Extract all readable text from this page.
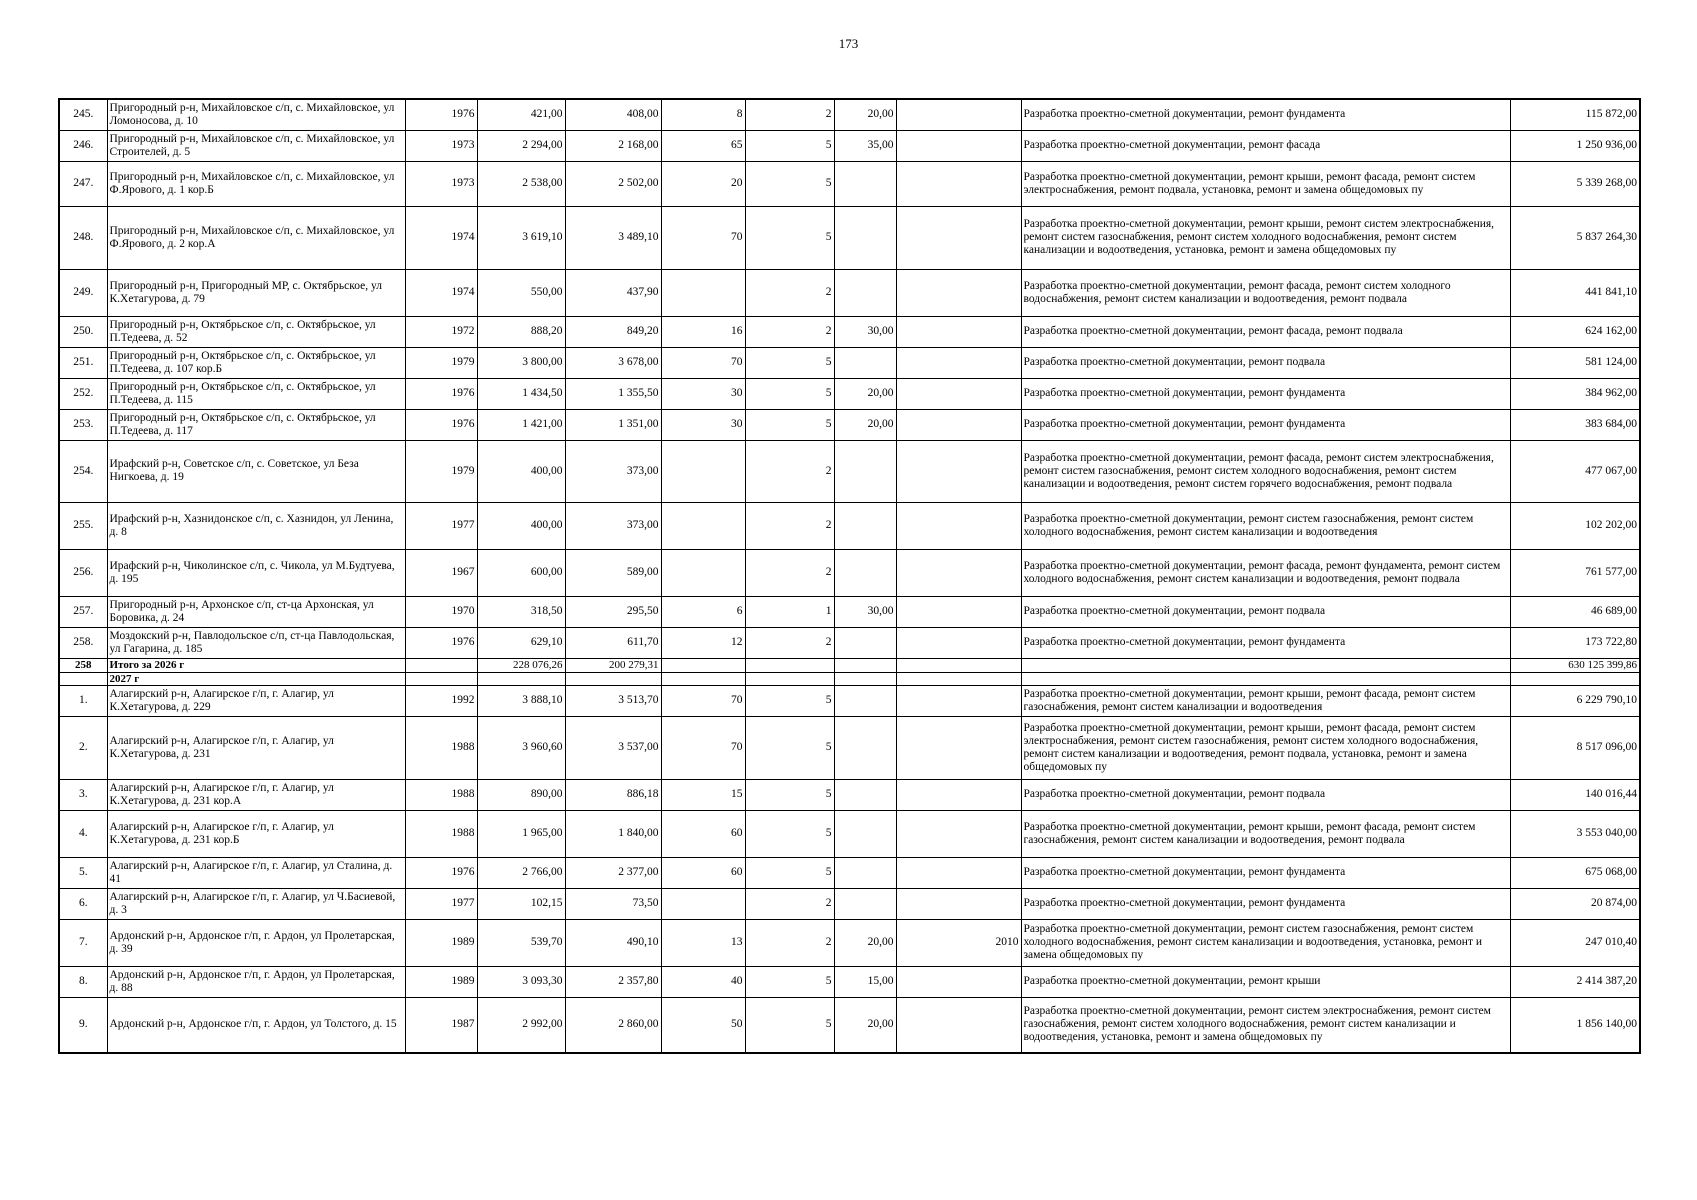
173
245.	Пригородный р-н, Михайловское с/п, с. Михайловское, ул Ломоносова, д. 10	1976	421,00	408,00	8	2	20,00		Разработка проектно-сметной документации, ремонт фундамента	115 872,00
246.	Пригородный р-н, Михайловское с/п, с. Михайловское, ул Строителей, д. 5	1973	2 294,00	2 168,00	65	5	35,00		Разработка проектно-сметной документации, ремонт фасада	1 250 936,00
247.	Пригородный р-н, Михайловское с/п, с. Михайловское, ул Ф.Ярового, д. 1 кор.Б	1973	2 538,00	2 502,00	20	5			Разработка проектно-сметной документации, ремонт крыши, ремонт фасада, ремонт систем электроснабжения, ремонт подвала, установка, ремонт и замена общедомовых пу	5 339 268,00
248.	Пригородный р-н, Михайловское с/п, с. Михайловское, ул Ф.Ярового, д. 2 кор.А	1974	3 619,10	3 489,10	70	5			Разработка проектно-сметной документации, ремонт крыши, ремонт систем электроснабжения, ремонт систем газоснабжения, ремонт систем холодного водоснабжения, ремонт систем канализации и водоотведения, установка, ремонт и замена общедомовых пу	5 837 264,30
249.	Пригородный р-н, Пригородный МР, с. Октябрьское, ул К.Хетагурова, д. 79	1974	550,00	437,90		2			Разработка проектно-сметной документации, ремонт фасада, ремонт систем холодного водоснабжения, ремонт систем канализации и водоотведения, ремонт подвала	441 841,10
250.	Пригородный р-н, Октябрьское с/п, с. Октябрьское, ул П.Тедеева, д. 52	1972	888,20	849,20	16	2	30,00		Разработка проектно-сметной документации, ремонт фасада, ремонт подвала	624 162,00
251.	Пригородный р-н, Октябрьское с/п, с. Октябрьское, ул П.Тедеева, д. 107 кор.Б	1979	3 800,00	3 678,00	70	5			Разработка проектно-сметной документации, ремонт подвала	581 124,00
252.	Пригородный р-н, Октябрьское с/п, с. Октябрьское, ул П.Тедеева, д. 115	1976	1 434,50	1 355,50	30	5	20,00		Разработка проектно-сметной документации, ремонт фундамента	384 962,00
253.	Пригородный р-н, Октябрьское с/п, с. Октябрьское, ул П.Тедеева, д. 117	1976	1 421,00	1 351,00	30	5	20,00		Разработка проектно-сметной документации, ремонт фундамента	383 684,00
254.	Ирафский р-н, Советское с/п, с. Советское, ул Беза Нигкоева, д. 19	1979	400,00	373,00		2			Разработка проектно-сметной документации, ремонт фасада, ремонт систем электроснабжения, ремонт систем газоснабжения, ремонт систем холодного водоснабжения, ремонт систем канализации и водоотведения, ремонт систем горячего водоснабжения, ремонт подвала	477 067,00
255.	Ирафский р-н, Хазнидонское с/п, с. Хазнидон, ул Ленина, д. 8	1977	400,00	373,00		2			Разработка проектно-сметной документации, ремонт систем газоснабжения, ремонт систем холодного водоснабжения, ремонт систем канализации и водоотведения	102 202,00
256.	Ирафский р-н, Чиколинское с/п, с. Чикола, ул М.Будтуева, д. 195	1967	600,00	589,00		2			Разработка проектно-сметной документации, ремонт фасада, ремонт фундамента, ремонт систем холодного водоснабжения, ремонт систем канализации и водоотведения, ремонт подвала	761 577,00
257.	Пригородный р-н, Архонское с/п, ст-ца Архонская, ул Боровика, д. 24	1970	318,50	295,50	6	1	30,00		Разработка проектно-сметной документации, ремонт подвала	46 689,00
258.	Моздокский р-н, Павлодольское с/п, ст-ца Павлодольская, ул Гагарина, д. 185	1976	629,10	611,70	12	2			Разработка проектно-сметной документации, ремонт фундамента	173 722,80
258	Итого за 2026 г		228 076,26	200 279,31						630 125 399,86
	2027 г									
1.	Алагирский р-н, Алагирское г/п, г. Алагир, ул К.Хетагурова, д. 229	1992	3 888,10	3 513,70	70	5			Разработка проектно-сметной документации, ремонт крыши, ремонт фасада, ремонт систем газоснабжения, ремонт систем канализации и водоотведения	6 229 790,10
2.	Алагирский р-н, Алагирское г/п, г. Алагир, ул К.Хетагурова, д. 231	1988	3 960,60	3 537,00	70	5			Разработка проектно-сметной документации, ремонт крыши, ремонт фасада, ремонт систем электроснабжения, ремонт систем газоснабжения, ремонт систем холодного водоснабжения, ремонт систем канализации и водоотведения, ремонт подвала, установка, ремонт и замена общедомовых пу	8 517 096,00
3.	Алагирский р-н, Алагирское г/п, г. Алагир, ул К.Хетагурова, д. 231 кор.А	1988	890,00	886,18	15	5			Разработка проектно-сметной документации, ремонт подвала	140 016,44
4.	Алагирский р-н, Алагирское г/п, г. Алагир, ул К.Хетагурова, д. 231 кор.Б	1988	1 965,00	1 840,00	60	5			Разработка проектно-сметной документации, ремонт крыши, ремонт фасада, ремонт систем газоснабжения, ремонт систем канализации и водоотведения, ремонт подвала	3 553 040,00
5.	Алагирский р-н, Алагирское г/п, г. Алагир, ул Сталина, д. 41	1976	2 766,00	2 377,00	60	5			Разработка проектно-сметной документации, ремонт фундамента	675 068,00
6.	Алагирский р-н, Алагирское г/п, г. Алагир, ул Ч.Басиевой, д. 3	1977	102,15	73,50		2			Разработка проектно-сметной документации, ремонт фундамента	20 874,00
7.	Ардонский р-н, Ардонское г/п, г. Ардон, ул Пролетарская, д. 39	1989	539,70	490,10	13	2	20,00	2010	Разработка проектно-сметной документации, ремонт систем газоснабжения, ремонт систем холодного водоснабжения, ремонт систем канализации и водоотведения, установка, ремонт и замена общедомовых пу	247 010,40
8.	Ардонский р-н, Ардонское г/п, г. Ардон, ул Пролетарская, д. 88	1989	3 093,30	2 357,80	40	5	15,00		Разработка проектно-сметной документации, ремонт крыши	2 414 387,20
9.	Ардонский р-н, Ардонское г/п, г. Ардон, ул Толстого, д. 15	1987	2 992,00	2 860,00	50	5	20,00		Разработка проектно-сметной документации, ремонт систем электроснабжения, ремонт систем газоснабжения, ремонт систем холодного водоснабжения, ремонт систем канализации и водоотведения, установка, ремонт и замена общедомовых пу	1 856 140,00
